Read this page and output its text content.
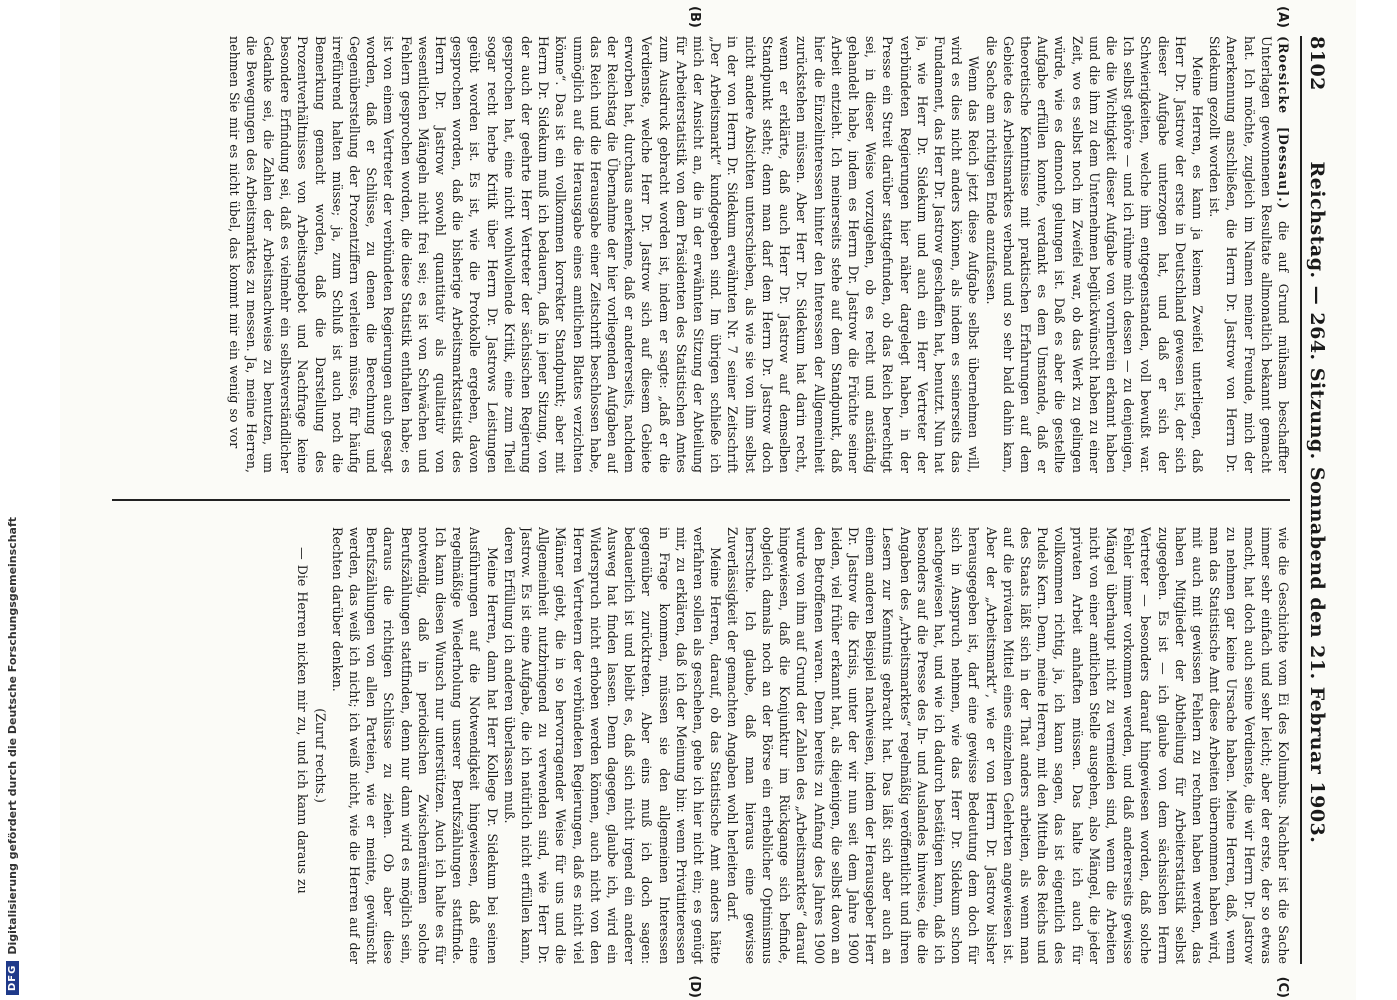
DFG
Digitalisierung gefördert durch die Deutsche Forschungsgemeinschaft
8102
Reichstag. — 264. Sitzung. Sonnabend den 21. Februar 1903.
(A)
(B)
(C)
(D)

(Roesicke [Dessau].) die auf Grund mühsam beschaffter Unterlagen gewonnenen Resultate allmonatlich bekannt gemacht hat. Ich möchte, zugleich im Namen meiner Freunde, mich der Anerkennung anschließen, die Herrn Dr. Jastrow von Herrn Dr. Sidekum gezollt worden ist.

Meine Herren, es kann ja keinem Zweifel unterliegen, daß Herr Dr. Jastrow der erste in Deutschland gewesen ist, der sich dieser Aufgabe unterzogen hat, und daß er sich der Schwierigkeiten, welche ihm entgegenstanden, voll bewußt war. Ich selbst gehöre — und ich rühme mich dessen — zu denjenigen, die die Wichtigkeit dieser Aufgabe von vornherein erkannt haben und die ihm zu dem Unternehmen beglückwünscht haben zu einer Zeit, wo es selbst noch im Zweifel war, ob das Werk zu gelingen würde, wie es dennoch gelungen ist. Daß es aber die gestellte Aufgabe erfüllen konnte, verdankt es dem Umstande, daß er theoretische Kenntnisse mit praktischen Erfahrungen auf dem Gebiete des Arbeitsmarktes verband und so sehr bald dahin kam, die Sache am richtigen Ende anzufassen.

Wenn das Reich jetzt diese Aufgabe selbst übernehmen will, wird es dies nicht anders können, als indem es seinerseits das Fundament, das Herr Dr. Jastrow geschaffen hat, benutzt. Nun hat ja, wie Herr Dr. Sidekum und auch ein Herr Vertreter der verbündeten Regierungen hier näher dargelegt haben, in der Presse ein Streit darüber stattgefunden, ob das Reich berechtigt sei, in dieser Weise vorzugehen, ob es recht und anständig gehandelt habe, indem es Herrn Dr. Jastrow die Früchte seiner Arbeit entzieht. Ich meinerseits stehe auf dem Standpunkt, daß hier die Einzelinteressen hinter den Interessen der Allgemeinheit zurückstehen müssen. Aber Herr Dr. Sidekum hat darin recht, wenn er erklärte, daß auch Herr Dr. Jastrow auf demselben Standpunkt steht; denn man darf dem Herrn Dr. Jastrow doch nicht andere Absichten unterschieben, als wie sie von ihm selbst in der von Herrn Dr. Sidekum erwähnten Nr. 7 seiner Zeitschrift „Der Arbeitsmarkt“ kundgegeben sind. Im übrigen schließe ich mich der Ansicht an, die in der erwähnten Sitzung der Abteilung für Arbeiterstatistik von dem Präsidenten des Statistischen Amtes zum Ausdruck gebracht worden ist, indem er sagte: „daß er die Verdienste, welche Herr Dr. Jastrow sich auf diesem Gebiete erworben hat, durchaus anerkenne, daß er andererseits, nachdem der Reichstag die Übernahme der hier vorliegenden Aufgaben auf das Reich und die Herausgabe einer Zeitschrift beschlossen habe, unmöglich auf die Herausgabe eines amtlichen Blattes verzichten könne“. Das ist ein vollkommen korrekter Standpunkt; aber mit Herrn Dr. Sidekum muß ich bedauern, daß in jener Sitzung, von der auch der geehrte Herr Vertreter der sächsischen Regierung gesprochen hat, eine nicht wohlwollende Kritik, eine zum Theil sogar recht herbe Kritik über Herrn Dr. Jastrows Leistungen geübt worden ist. Es ist, wie die Protokolle ergeben, davon gesprochen worden, daß die bisherige Arbeitsmarktstatistik des Herrn Dr. Jastrow sowohl quantitativ als qualitativ von wesentlichen Mängeln nicht frei sei; es ist von Schwächen und Fehlern gesprochen worden, die diese Statistik enthalten habe; es ist von einem Vertreter der verbündeten Regierungen auch gesagt worden, daß er Schlüsse, zu denen die Berechnung und Gegenüberstellung der Prozentziffern verleiten müsse, für häufig irreführend halten müsse; ja, zum Schluß ist auch noch die Bemerkung gemacht worden, daß die Darstellung des Prozentverhältnisses von Arbeitsangebot und Nachfrage keine besondere Erfindung sei, daß es vielmehr ein selbstverständlicher Gedanke sei, die Zahlen der Arbeitsnachweise zu benutzen, um die Bewegungen des Arbeitsmarktes zu messen. Ja, meine Herren, nehmen Sie mir es nicht übel, das kommt mir ein wenig so vor

wie die Geschichte vom Ei des Kolumbus. Nachher ist die Sache immer sehr einfach und sehr leicht; aber der erste, der so etwas macht, hat doch auch seine Verdienste, die wir Herrn Dr. Jastrow zu nehmen gar keine Ursache haben. Meine Herren, daß, wenn man das Statistische Amt diese Arbeiten übernommen haben wird, mit auch mit gewissen Fehlern zu rechnen haben werden, das haben Mitglieder der Abtheilung für Arbeiterstatistik selbst zugegeben. Es ist — ich glaube von dem sächsischen Herrn Vertreter — besonders darauf hingewiesen worden, daß solche Fehler immer vorkommen werden, und daß andererseits gewisse Mängel überhaupt nicht zu vermeiden sind, wenn die Arbeiten nicht von einer amtlichen Stelle ausgehen, also Mängel, die jeder privaten Arbeit anhaften müssen. Das halte ich auch für vollkommen richtig, ja, ich kann sagen, das ist eigentlich des Pudels Kern. Denn, meine Herren, mit den Mitteln des Reichs und des Staats läßt sich in der That anders arbeiten, als wenn man auf die privaten Mittel eines einzelnen Gelehrten angewiesen ist. Aber der „Arbeitsmarkt“, wie er von Herrn Dr. Jastrow bisher herausgegeben ist, darf eine gewisse Bedeutung dem doch für sich in Anspruch nehmen, wie das Herr Dr. Sidekum schon nachgewiesen hat, und wie ich dadurch bestätigen kann, daß ich besonders auf die Presse des In- und Auslandes hinweise, die die Angaben des „Arbeitsmarktes“ regelmäßig veröffentlicht und ihren Lesern zur Kenntnis gebracht hat. Das läßt sich aber auch an einem anderen Beispiel nachweisen, indem der Herausgeber Herr Dr. Jastrow die Krisis, unter der wir nun seit dem Jahre 1900 leiden, viel früher erkannt hat, als diejenigen, die selbst davon an den Betroffenen waren. Denn bereits zu Anfang des Jahres 1900 wurde von ihm auf Grund der Zahlen des „Arbeitsmarktes“ darauf hingewiesen, daß die Konjunktur im Rückgange sich befinde, obgleich damals noch an der Börse ein erheblicher Optimismus herrschte. Ich glaube, daß man hieraus eine gewisse Zuverlässigkeit der gemachten Angaben wohl herleiten darf.

Meine Herren, darauf, ob das Statistische Amt anders hätte verfahren sollen als geschehen, gehe ich hier nicht ein; es genügt mir, zu erklären, daß ich der Meinung bin: wenn Privatinteressen in Frage kommen, müssen sie den allgemeinen Interessen gegenüber zurücktreten. Aber eins muß ich doch sagen: bedauerlich ist und bleibt es, daß sich nicht irgend ein anderer Ausweg hat finden lassen. Denn dagegen, glaube ich, wird ein Widerspruch nicht erhoben werden können, auch nicht von den Herren Vertretern der verbündeten Regierungen, daß es nicht viel Männer giebt, die in so hervorragender Weise für uns und die Allgemeinheit nutzbringend zu verwenden sind, wie Herr Dr. Jastrow. Es ist eine Aufgabe, die ich natürlich nicht erfüllen kann, deren Erfüllung ich anderen überlassen muß.

Meine Herren, dann hat Herr Kollege Dr. Sidekum bei seinen Ausführungen auf die Notwendigkeit hingewiesen, daß eine regelmäßige Wiederholung unserer Berufszählungen stattfinde. Ich kann diesen Wunsch nur unterstützen. Auch ich halte es für notwendig, daß in periodischen Zwischenräumen solche Berufszählungen stattfinden, denn nur dann wird es möglich sein, daraus die richtigen Schlüsse zu ziehen. Ob aber diese Berufszählungen von allen Parteien, wie er meinte, gewünscht werden, das weiß ich nicht; ich weiß nicht, wie die Herren auf der Rechten darüber denken.

(Zuruf rechts.)

— Die Herren nicken mir zu, und ich kann daraus zu
